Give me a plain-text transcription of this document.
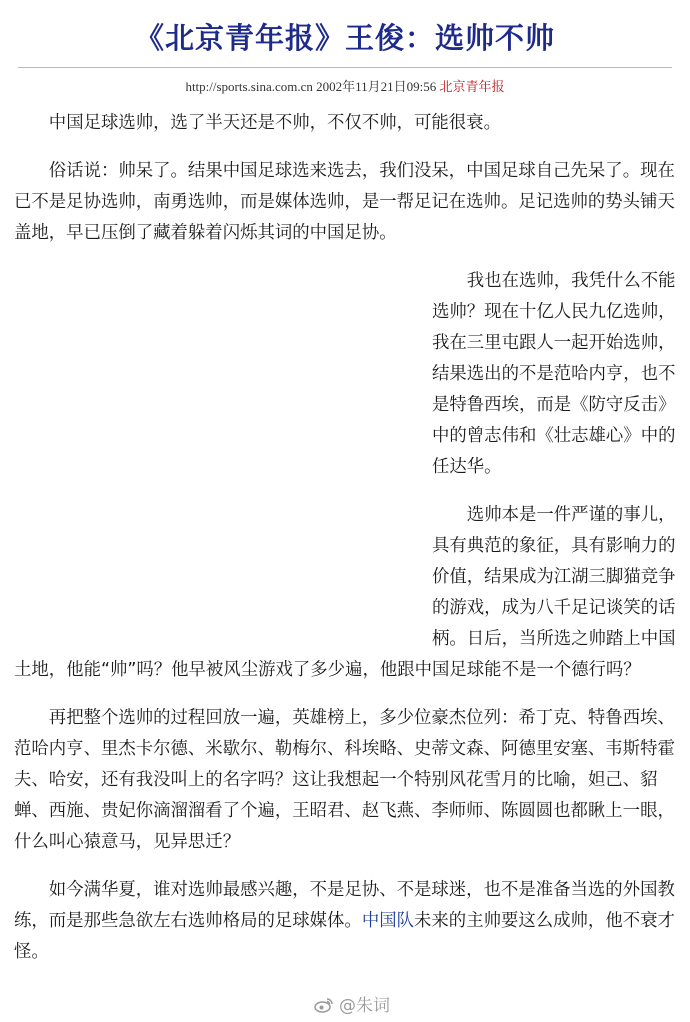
《北京青年报》王俊：选帅不帅
http://sports.sina.com.cn 2002年11月21日09:56 北京青年报

中国足球选帅，选了半天还是不帅，不仅不帅，可能很衰。

俗话说：帅呆了。结果中国足球选来选去，我们没呆，中国足球自己先呆了。现在已不是足协选帅，南勇选帅，而是媒体选帅，是一帮足记在选帅。足记选帅的势头铺天盖地，早已压倒了藏着躲着闪烁其词的中国足协。

我也在选帅，我凭什么不能选帅？现在十亿人民九亿选帅，我在三里屯跟人一起开始选帅，结果选出的不是范哈内亨，也不是特鲁西埃，而是《防守反击》中的曾志伟和《壮志雄心》中的任达华。

选帅本是一件严谨的事儿，具有典范的象征，具有影响力的价值，结果成为江湖三脚猫竞争的游戏，成为八千足记谈笑的话柄。日后，当所选之帅踏上中国土地，他能“帅”吗？他早被风尘游戏了多少遍，他跟中国足球能不是一个德行吗？

再把整个选帅的过程回放一遍，英雄榜上，多少位豪杰位列：希丁克、特鲁西埃、范哈内亨、里杰卡尔德、米歇尔、勒梅尔、科埃略、史蒂文森、阿德里安塞、韦斯特霍夫、哈安，还有我没叫上的名字吗？这让我想起一个特别风花雪月的比喻，妲己、貂蝉、西施、贵妃你滴溜溜看了个遍，王昭君、赵飞燕、李师师、陈圆圆也都瞅上一眼，什么叫心猿意马，见异思迁？

如今满华夏，谁对选帅最感兴趣，不是足协、不是球迷，也不是准备当选的外国教练，而是那些急欲左右选帅格局的足球媒体。中国队未来的主帅要这么成帅，他不衰才怪。

@朱词
